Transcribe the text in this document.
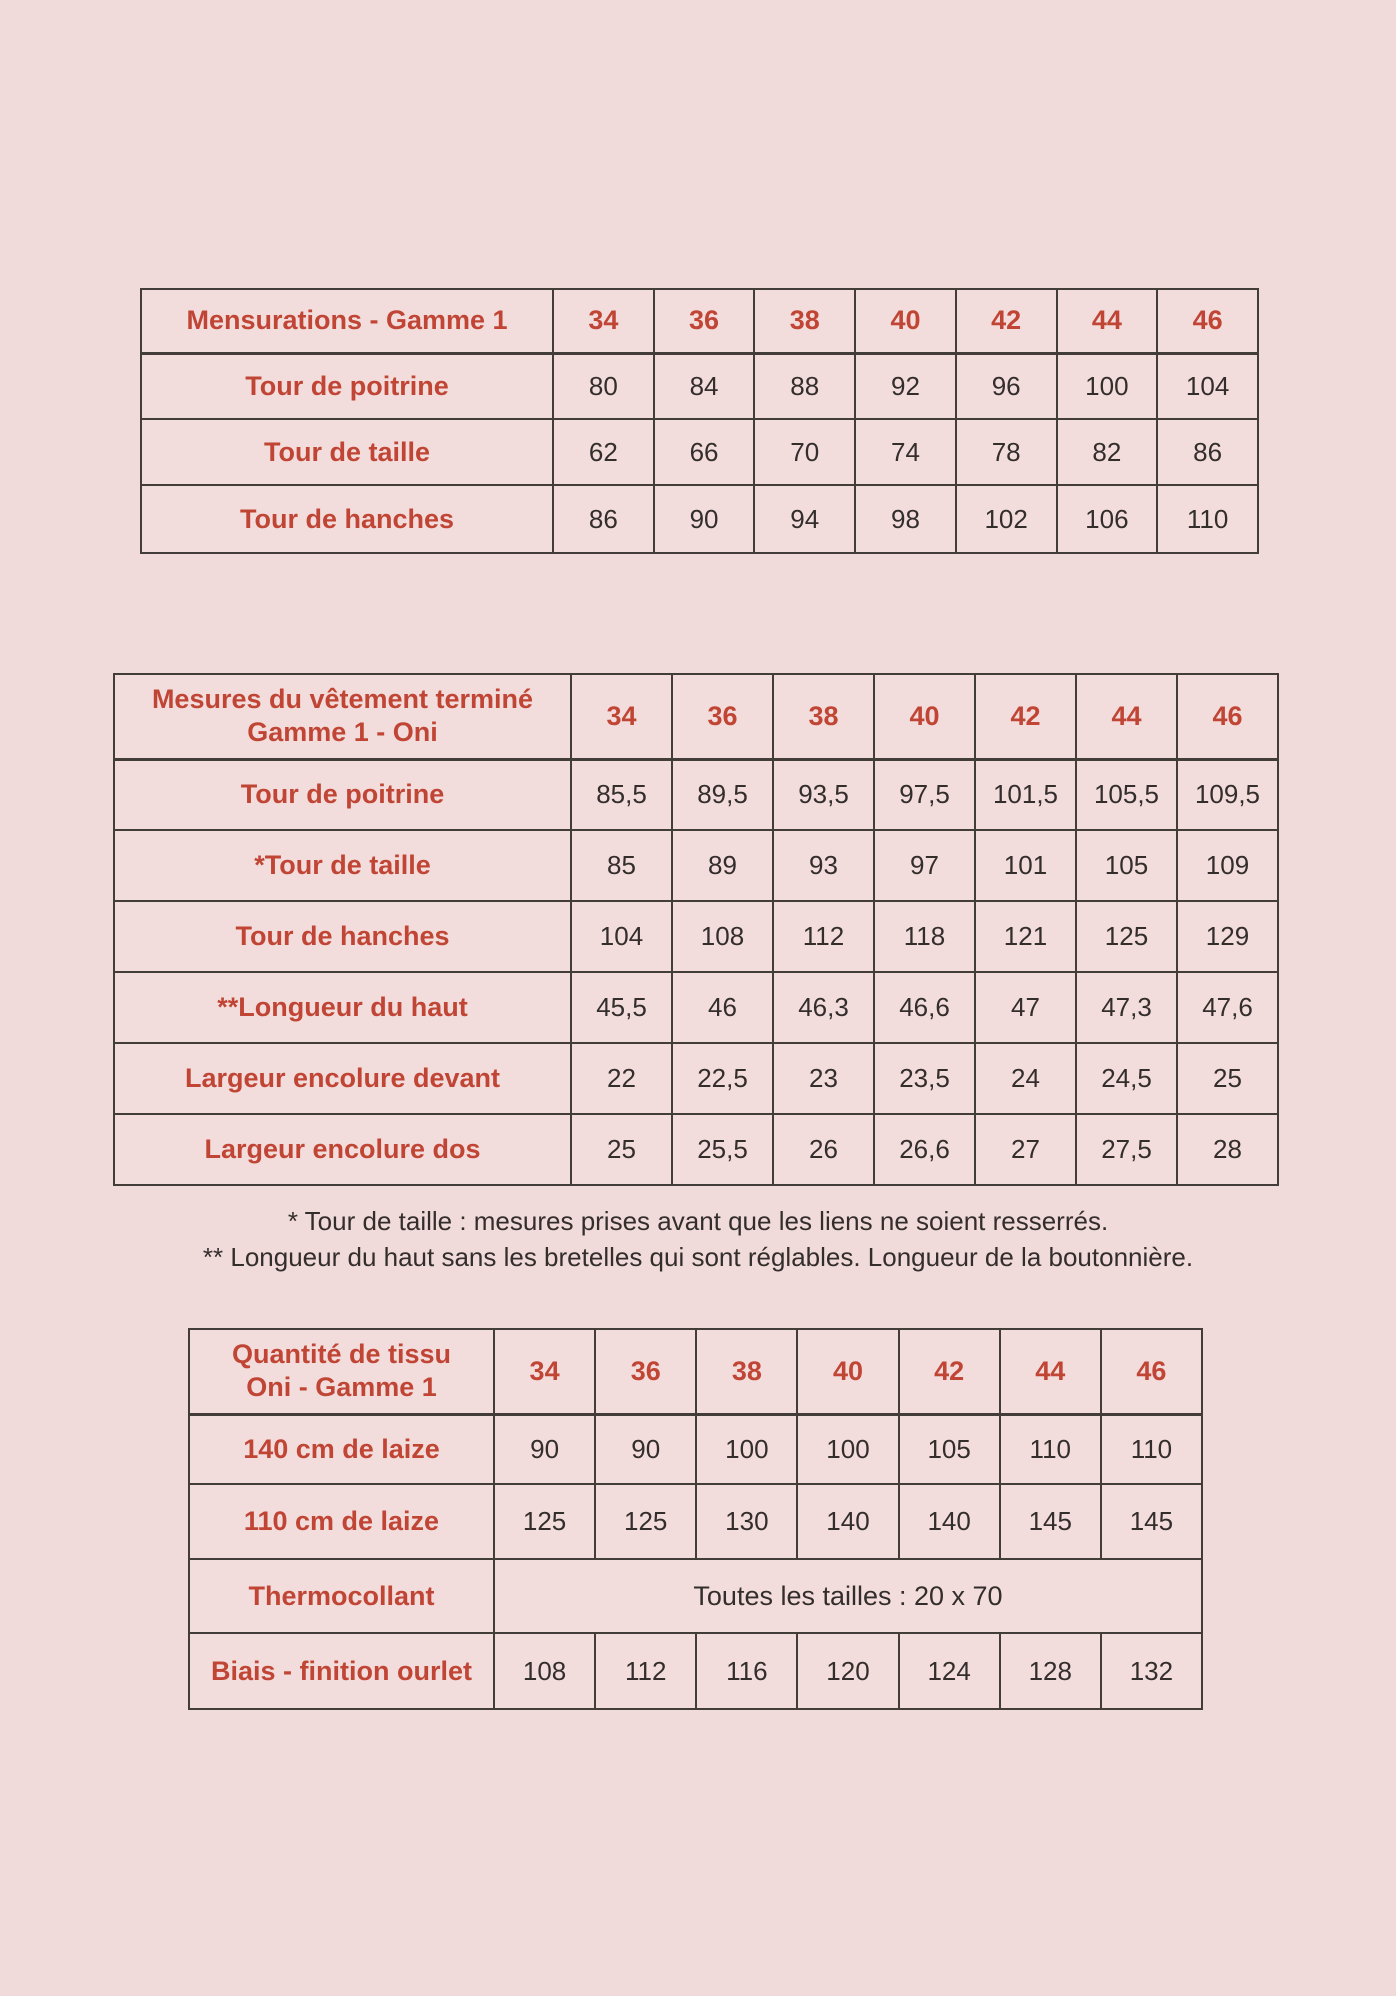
Mensurations - Gamme 1	34	36	38	40	42	44	46
Tour de poitrine	80	84	88	92	96	100	104
Tour de taille	62	66	70	74	78	82	86
Tour de hanches	86	90	94	98	102	106	110
Mesures du vêtement terminé
Gamme 1 - Oni	34	36	38	40	42	44	46
Tour de poitrine	85,5	89,5	93,5	97,5	101,5	105,5	109,5
*Tour de taille	85	89	93	97	101	105	109
Tour de hanches	104	108	112	118	121	125	129
**Longueur du haut	45,5	46	46,3	46,6	47	47,3	47,6
Largeur encolure devant	22	22,5	23	23,5	24	24,5	25
Largeur encolure dos	25	25,5	26	26,6	27	27,5	28
* Tour de taille : mesures prises avant que les liens ne soient resserrés.
** Longueur du haut sans les bretelles qui sont réglables. Longueur de la boutonnière.
Quantité de tissu
Oni - Gamme 1	34	36	38	40	42	44	46
140 cm de laize	90	90	100	100	105	110	110
110 cm de laize	125	125	130	140	140	145	145
Thermocollant	Toutes les tailles : 20 x 70						
Biais - finition ourlet	108	112	116	120	124	128	132
